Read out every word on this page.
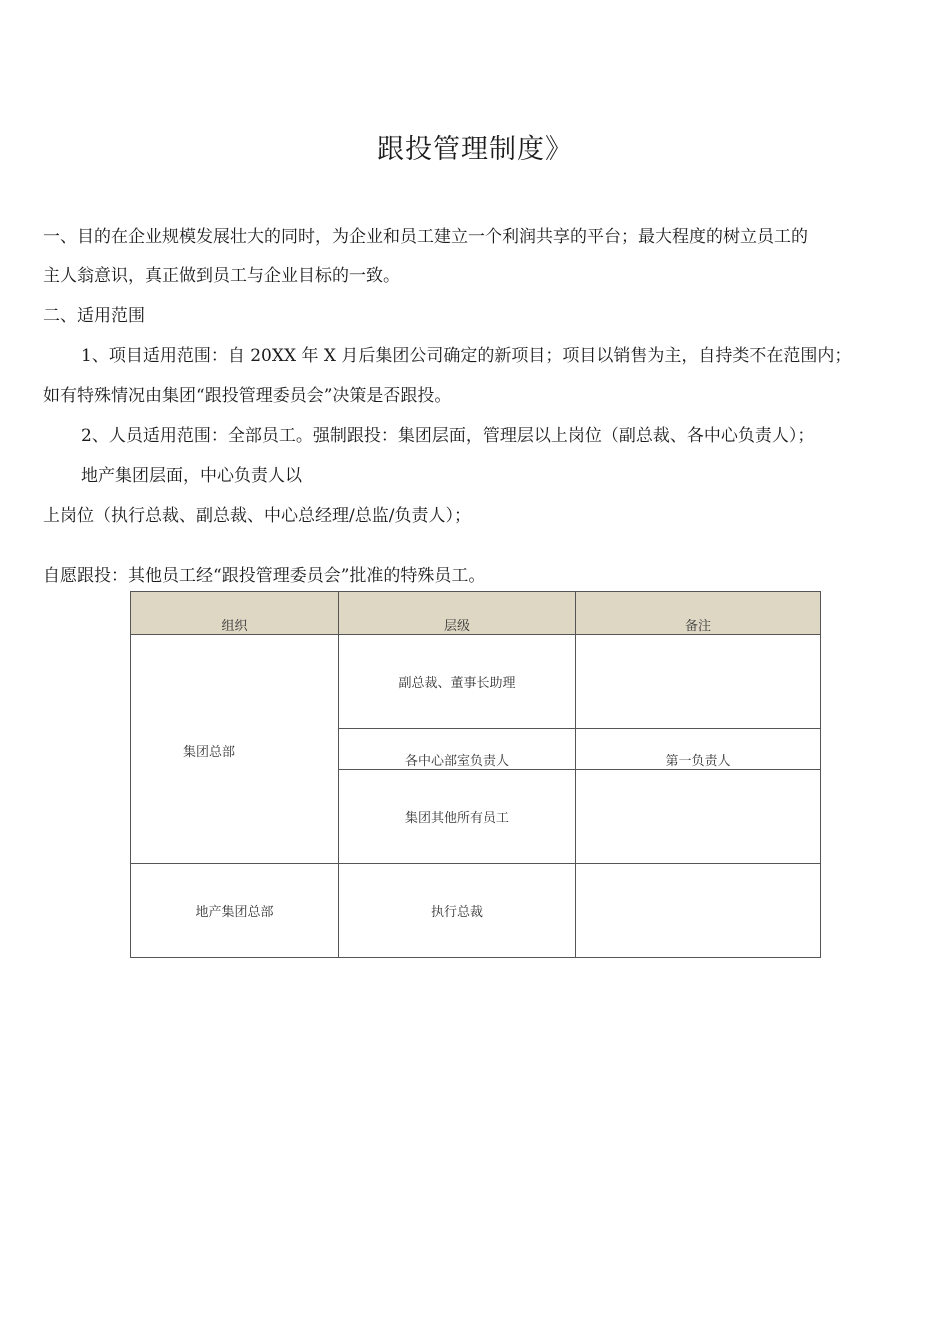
跟投管理制度》
一、目的在企业规模发展壮大的同时，为企业和员工建立一个利润共享的平台；最大程度的树立员工的
主人翁意识，真正做到员工与企业目标的一致。
二、适用范围
1、项目适用范围：自 20XX 年 X 月后集团公司确定的新项目；项目以销售为主，自持类不在范围内；
如有特殊情况由集团“跟投管理委员会”决策是否跟投。
2、人员适用范围：全部员工。强制跟投：集团层面，管理层以上岗位（副总裁、各中心负责人）；
地产集团层面，中心负责人以
上岗位（执行总裁、副总裁、中心总经理/总监/负责人）；
自愿跟投：其他员工经“跟投管理委员会”批准的特殊员工。
组织	层级	备注
集团总部	副总裁、董事长助理	
	各中心部室负责人	第一负责人
	集团其他所有员工	
地产集团总部	执行总裁	
